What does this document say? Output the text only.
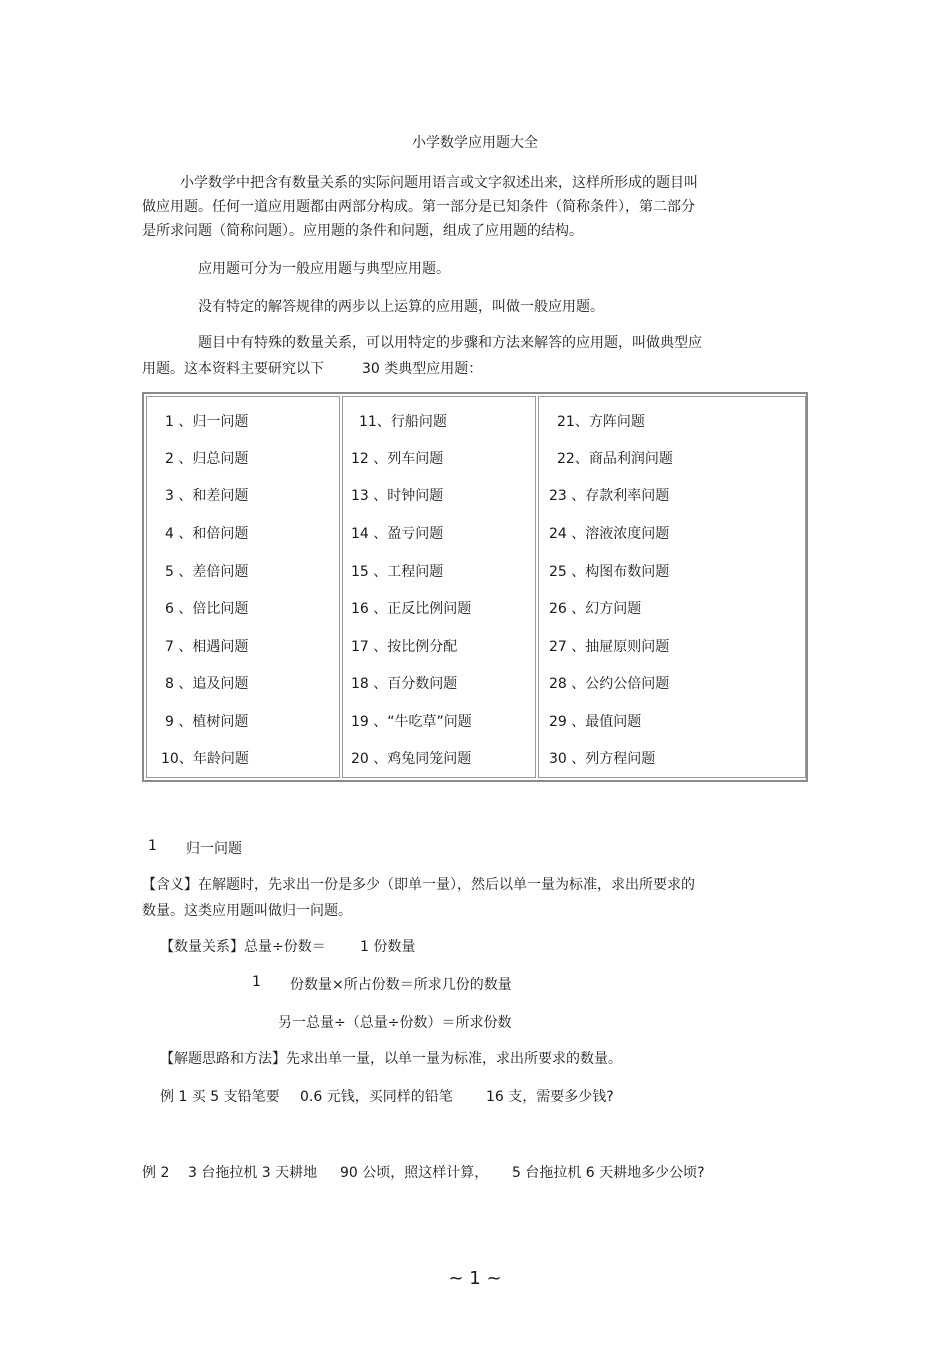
小学数学应用题大全
小学数学中把含有数量关系的实际问题用语言或文字叙述出来，这样所形成的题目叫
做应用题。任何一道应用题都由两部分构成。第一部分是已知条件（简称条件），第二部分
是所求问题（简称问题）。应用题的条件和问题，组成了应用题的结构。
应用题可分为一般应用题与典型应用题。
没有特定的解答规律的两步以上运算的应用题，叫做一般应用题。
题目中有特殊的数量关系，可以用特定的步骤和方法来解答的应用题，叫做典型应
用题。这本资料主要研究以下	30 类典型应用题：
1 、归一问题
2 、归总问题
3 、和差问题
4 、和倍问题
5 、差倍问题
6 、倍比问题
7 、相遇问题
8 、追及问题
9 、植树问题
10、年龄问题
11、行船问题
12 、列车问题
13 、时钟问题
14 、盈亏问题
15 、工程问题
16 、正反比例问题
17 、按比例分配
18 、百分数问题
19 、“牛吃草”问题
20 、鸡兔同笼问题
21、方阵问题
22、商品利润问题
23 、存款利率问题
24 、溶液浓度问题
25 、构图布数问题
26 、幻方问题
27 、抽屉原则问题
28 、公约公倍问题
29 、最值问题
30 、列方程问题
1 归一问题
【含义】在解题时，先求出一份是多少（即单一量），然后以单一量为标准，求出所要求的
数量。这类应用题叫做归一问题。
【数量关系】总量÷份数＝ 1 份数量
1 份数量×所占份数＝所求几份的数量
另一总量÷（总量÷份数）＝所求份数
【解题思路和方法】先求出单一量，以单一量为标准，求出所要求的数量。
例 1 买 5 支铅笔要 0.6 元钱，买同样的铅笔 16 支，需要多少钱?
例 2 3 台拖拉机 3 天耕地 90 公顷，照这样计算， 5 台拖拉机 6 天耕地多少公顷?
~ 1 ~
